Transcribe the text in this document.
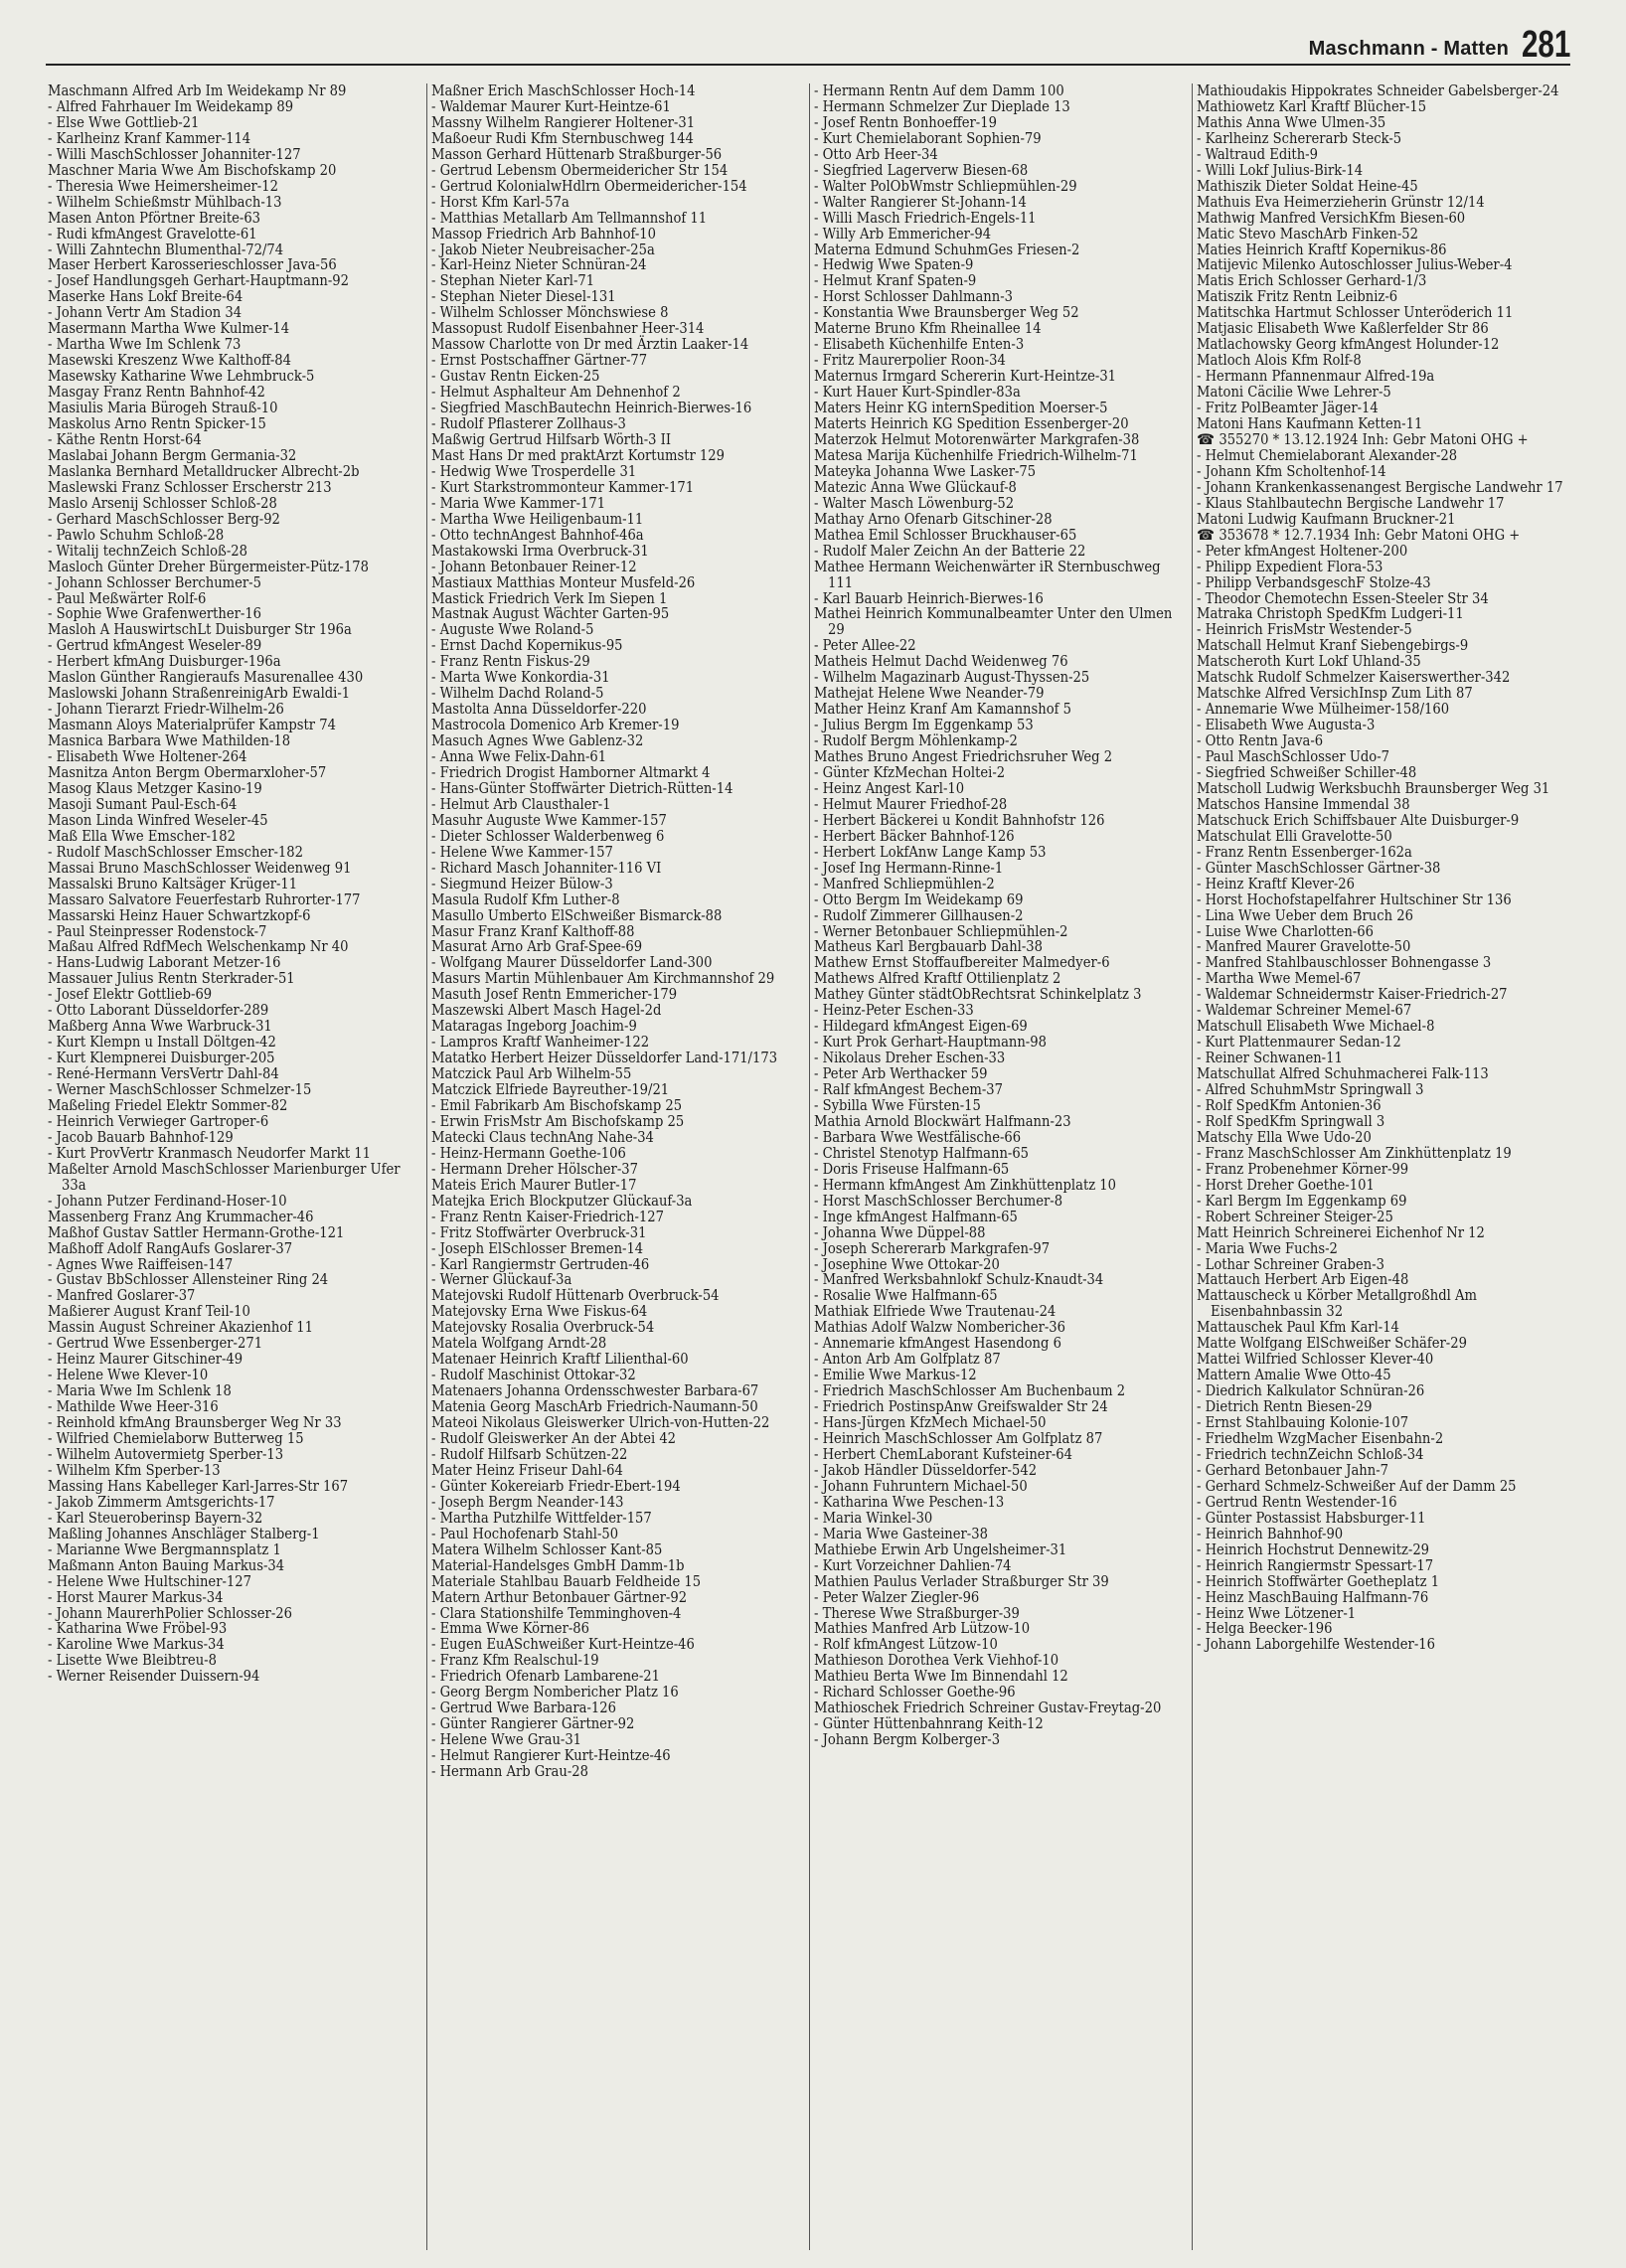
Maschmann - Matten 281
Maschmann Alfred Arb Im Weidekamp Nr 89
- Alfred Fahrhauer Im Weidekamp 89
- Else Wwe Gottlieb-21
- Karlheinz Kranf Kammer-114
- Willi MaschSchlosser Johanniter-127
Maschner Maria Wwe Am Bischofskamp 20
- Theresia Wwe Heimersheimer-12
- Wilhelm Schießmstr Mühlbach-13
Masen Anton Pförtner Breite-63
- Rudi kfmAngest Gravelotte-61
- Willi Zahntechn Blumenthal-72/74
Maser Herbert Karosserieschlosser Java-56
- Josef Handlungsgeh Gerhart-Hauptmann-92
Maserke Hans Lokf Breite-64
- Johann Vertr Am Stadion 34
Masermann Martha Wwe Kulmer-14
- Martha Wwe Im Schlenk 73
Masewski Kreszenz Wwe Kalthoff-84
Masewsky Katharine Wwe Lehmbruck-5
Masgay Franz Rentn Bahnhof-42
Masiulis Maria Bürogeh Strauß-10
Maskolus Arno Rentn Spicker-15
- Käthe Rentn Horst-64
Maslabai Johann Bergm Germania-32
Maslanka Bernhard Metalldrucker Albrecht-2b
Maslewski Franz Schlosser Erscherstr 213
Maslo Arsenij Schlosser Schloß-28
- Gerhard MaschSchlosser Berg-92
- Pawlo Schuhm Schloß-28
- Witalij technZeich Schloß-28
Masloch Günter Dreher Bürgermeister-Pütz-178
- Johann Schlosser Berchumer-5
- Paul Meßwärter Rolf-6
- Sophie Wwe Grafenwerther-16
Masloh A HauswirtschLt Duisburger Str 196a
- Gertrud kfmAngest Weseler-89
- Herbert kfmAng Duisburger-196a
Maslon Günther Rangieraufs Masurenallee 430
Maslowski Johann StraßenreinigArb Ewaldi-1
- Johann Tierarzt Friedr-Wilhelm-26
Masmann Aloys Materialprüfer Kampstr 74
Masnica Barbara Wwe Mathilden-18
- Elisabeth Wwe Holtener-264
Masnitza Anton Bergm Obermarxloher-57
Masog Klaus Metzger Kasino-19
Masoji Sumant Paul-Esch-64
Mason Linda Winfred Weseler-45
Maß Ella Wwe Emscher-182
- Rudolf MaschSchlosser Emscher-182
Massai Bruno MaschSchlosser Weidenweg 91
Massalski Bruno Kaltsäger Krüger-11
Massaro Salvatore Feuerfestarb Ruhrorter-177
Massarski Heinz Hauer Schwartzkopf-6
- Paul Steinpresser Rodenstock-7
Maßau Alfred RdfMech Welschenkamp Nr 40
- Hans-Ludwig Laborant Metzer-16
Massauer Julius Rentn Sterkrader-51
- Josef Elektr Gottlieb-69
- Otto Laborant Düsseldorfer-289
Maßberg Anna Wwe Warbruck-31
- Kurt Klempn u Install Döltgen-42
- Kurt Klempnerei Duisburger-205
- René-Hermann VersVertr Dahl-84
- Werner MaschSchlosser Schmelzer-15
Maßeling Friedel Elektr Sommer-82
- Heinrich Verwieger Gartroper-6
- Jacob Bauarb Bahnhof-129
- Kurt ProvVertr Kranmasch Neudorfer Markt 11
Maßelter Arnold MaschSchlosser Marienburger Ufer 33a
- Johann Putzer Ferdinand-Hoser-10
Massenberg Franz Ang Krummacher-46
Maßhof Gustav Sattler Hermann-Grothe-121
Maßhoff Adolf RangAufs Goslarer-37
- Agnes Wwe Raiffeisen-147
- Gustav BbSchlosser Allensteiner Ring 24
- Manfred Goslarer-37
Maßierer August Kranf Teil-10
Massin August Schreiner Akazienhof 11
- Gertrud Wwe Essenberger-271
- Heinz Maurer Gitschiner-49
- Helene Wwe Klever-10
- Maria Wwe Im Schlenk 18
- Mathilde Wwe Heer-316
- Reinhold kfmAng Braunsberger Weg Nr 33
- Wilfried Chemielaborw Butterweg 15
- Wilhelm Autovermietg Sperber-13
- Wilhelm Kfm Sperber-13
Massing Hans Kabelleger Karl-Jarres-Str 167
- Jakob Zimmerm Amtsgerichts-17
- Karl Steueroberinsp Bayern-32
Maßling Johannes Anschläger Stalberg-1
- Marianne Wwe Bergmannsplatz 1
Maßmann Anton Bauing Markus-34
- Helene Wwe Hultschiner-127
- Horst Maurer Markus-34
- Johann MaurerhPolier Schlosser-26
- Katharina Wwe Fröbel-93
- Karoline Wwe Markus-34
- Lisette Wwe Bleibtreu-8
- Werner Reisender Duissern-94
Maßner Erich MaschSchlosser Hoch-14
- Waldemar Maurer Kurt-Heintze-61
Massny Wilhelm Rangierer Holtener-31
Maßoeur Rudi Kfm Sternbuschweg 144
Masson Gerhard Hüttenarb Straßburger-56
- Gertrud Lebensm Obermeidericher Str 154
- Gertrud KolonialwHdlrn Obermeidericher-154
- Horst Kfm Karl-57a
- Matthias Metallarb Am Tellmannshof 11
Massop Friedrich Arb Bahnhof-10
- Jakob Nieter Neubreisacher-25a
- Karl-Heinz Nieter Schnüran-24
- Stephan Nieter Karl-71
- Stephan Nieter Diesel-131
- Wilhelm Schlosser Mönchswiese 8
Massopust Rudolf Eisenbahner Heer-314
Massow Charlotte von Dr med Ärztin Laaker-14
- Ernst Postschaffner Gärtner-77
- Gustav Rentn Eicken-25
- Helmut Asphalteur Am Dehnenhof 2
- Siegfried MaschBautechn Heinrich-Bierwes-16
- Rudolf Pflasterer Zollhaus-3
Maßwig Gertrud Hilfsarb Wörth-3 II
Mast Hans Dr med praktArzt Kortumstr 129
- Hedwig Wwe Trosperdelle 31
- Kurt Starkstrommonteur Kammer-171
- Maria Wwe Kammer-171
- Martha Wwe Heiligenbaum-11
- Otto technAngest Bahnhof-46a
Mastakowski Irma Overbruck-31
- Johann Betonbauer Reiner-12
Mastiaux Matthias Monteur Musfeld-26
Mastick Friedrich Verk Im Siepen 1
Mastnak August Wächter Garten-95
- Auguste Wwe Roland-5
- Ernst Dachd Kopernikus-95
- Franz Rentn Fiskus-29
- Marta Wwe Konkordia-31
- Wilhelm Dachd Roland-5
Mastolta Anna Düsseldorfer-220
Mastrocola Domenico Arb Kremer-19
Masuch Agnes Wwe Gablenz-32
- Anna Wwe Felix-Dahn-61
- Friedrich Drogist Hamborner Altmarkt 4
- Hans-Günter Stoffwärter Dietrich-Rütten-14
- Helmut Arb Clausthaler-1
Masuhr Auguste Wwe Kammer-157
- Dieter Schlosser Walderbenweg 6
- Helene Wwe Kammer-157
- Richard Masch Johanniter-116 VI
- Siegmund Heizer Bülow-3
Masula Rudolf Kfm Luther-8
Masullo Umberto ElSchweißer Bismarck-88
Masur Franz Kranf Kalthoff-88
Masurat Arno Arb Graf-Spee-69
- Wolfgang Maurer Düsseldorfer Land-300
Masurs Martin Mühlenbauer Am Kirchmannshof 29
Masuth Josef Rentn Emmericher-179
Maszewski Albert Masch Hagel-2d
Mataragas Ingeborg Joachim-9
- Lampros Kraftf Wanheimer-122
Matatko Herbert Heizer Düsseldorfer Land-171/173
Matczick Paul Arb Wilhelm-55
Matczick Elfriede Bayreuther-19/21
- Emil Fabrikarb Am Bischofskamp 25
- Erwin FrisMstr Am Bischofskamp 25
Matecki Claus technAng Nahe-34
- Heinz-Hermann Goethe-106
- Hermann Dreher Hölscher-37
Mateis Erich Maurer Butler-17
Matejka Erich Blockputzer Glückauf-3a
- Franz Rentn Kaiser-Friedrich-127
- Fritz Stoffwärter Overbruck-31
- Joseph ElSchlosser Bremen-14
- Karl Rangiermstr Gertruden-46
- Werner Glückauf-3a
Matejovski Rudolf Hüttenarb Overbruck-54
Matejovsky Erna Wwe Fiskus-64
Matejovsky Rosalia Overbruck-54
Matela Wolfgang Arndt-28
Matenaer Heinrich Kraftf Lilienthal-60
- Rudolf Maschinist Ottokar-32
Matenaers Johanna Ordensschwester Barbara-67
Matenia Georg MaschArb Friedrich-Naumann-50
Mateoi Nikolaus Gleiswerker Ulrich-von-Hutten-22
- Rudolf Gleiswerker An der Abtei 42
- Rudolf Hilfsarb Schützen-22
Mater Heinz Friseur Dahl-64
- Günter Kokereiarb Friedr-Ebert-194
- Joseph Bergm Neander-143
- Martha Putzhilfe Wittfelder-157
- Paul Hochofenarb Stahl-50
Matera Wilhelm Schlosser Kant-85
Material-Handelsges GmbH Damm-1b
Materiale Stahlbau Bauarb Feldheide 15
Matern Arthur Betonbauer Gärtner-92
- Clara Stationshilfe Temminghoven-4
- Emma Wwe Körner-86
- Eugen EuASchweißer Kurt-Heintze-46
- Franz Kfm Realschul-19
- Friedrich Ofenarb Lambarene-21
- Georg Bergm Nombericher Platz 16
- Gertrud Wwe Barbara-126
- Günter Rangierer Gärtner-92
- Helene Wwe Grau-31
- Helmut Rangierer Kurt-Heintze-46
- Hermann Arb Grau-28
- Hermann Rentn Auf dem Damm 100
- Hermann Schmelzer Zur Dieplade 13
- Josef Rentn Bonhoeffer-19
- Kurt Chemielaborant Sophien-79
- Otto Arb Heer-34
- Siegfried Lagerverw Biesen-68
- Walter PolObWmstr Schliepmühlen-29
- Walter Rangierer St-Johann-14
- Willi Masch Friedrich-Engels-11
- Willy Arb Emmericher-94
Materna Edmund SchuhmGes Friesen-2
- Hedwig Wwe Spaten-9
- Helmut Kranf Spaten-9
- Horst Schlosser Dahlmann-3
- Konstantia Wwe Braunsberger Weg 52
Materne Bruno Kfm Rheinallee 14
- Elisabeth Küchenhilfe Enten-3
- Fritz Maurerpolier Roon-34
Maternus Irmgard Schererin Kurt-Heintze-31
- Kurt Hauer Kurt-Spindler-83a
Maters Heinr KG internSpedition Moerser-5
Materts Heinrich KG Spedition Essenberger-20
Materzok Helmut Motorenwärter Markgrafen-38
Matesa Marija Küchenhilfe Friedrich-Wilhelm-71
Mateyka Johanna Wwe Lasker-75
Matezic Anna Wwe Glückauf-8
- Walter Masch Löwenburg-52
Mathay Arno Ofenarb Gitschiner-28
Mathea Emil Schlosser Bruckhauser-65
- Rudolf Maler Zeichn An der Batterie 22
Mathee Hermann Weichenwärter iR Sternbuschweg 111
- Karl Bauarb Heinrich-Bierwes-16
Mathei Heinrich Kommunalbeamter Unter den Ulmen 29
- Peter Allee-22
Matheis Helmut Dachd Weidenweg 76
- Wilhelm Magazinarb August-Thyssen-25
Mathejat Helene Wwe Neander-79
Mather Heinz Kranf Am Kamannshof 5
- Julius Bergm Im Eggenkamp 53
- Rudolf Bergm Möhlenkamp-2
Mathes Bruno Angest Friedrichsruher Weg 2
- Günter KfzMechan Holtei-2
- Heinz Angest Karl-10
- Helmut Maurer Friedhof-28
- Herbert Bäckerei u Kondit Bahnhofstr 126
- Herbert Bäcker Bahnhof-126
- Herbert LokfAnw Lange Kamp 53
- Josef Ing Hermann-Rinne-1
- Manfred Schliepmühlen-2
- Otto Bergm Im Weidekamp 69
- Rudolf Zimmerer Gillhausen-2
- Werner Betonbauer Schliepmühlen-2
Matheus Karl Bergbauarb Dahl-38
Mathew Ernst Stoffaufbereiter Malmedyer-6
Mathews Alfred Kraftf Ottilienplatz 2
Mathey Günter städtObRechtsrat Schinkelplatz 3
- Heinz-Peter Eschen-33
- Hildegard kfmAngest Eigen-69
- Kurt Prok Gerhart-Hauptmann-98
- Nikolaus Dreher Eschen-33
- Peter Arb Werthacker 59
- Ralf kfmAngest Bechem-37
- Sybilla Wwe Fürsten-15
Mathia Arnold Blockwärt Halfmann-23
- Barbara Wwe Westfälische-66
- Christel Stenotyp Halfmann-65
- Doris Friseuse Halfmann-65
- Hermann kfmAngest Am Zinkhüttenplatz 10
- Horst MaschSchlosser Berchumer-8
- Inge kfmAngest Halfmann-65
- Johanna Wwe Düppel-88
- Joseph Schererarb Markgrafen-97
- Josephine Wwe Ottokar-20
- Manfred Werksbahnlokf Schulz-Knaudt-34
- Rosalie Wwe Halfmann-65
Mathiak Elfriede Wwe Trautenau-24
Mathias Adolf Walzw Nombericher-36
- Annemarie kfmAngest Hasendong 6
- Anton Arb Am Golfplatz 87
- Emilie Wwe Markus-12
- Friedrich MaschSchlosser Am Buchenbaum 2
- Friedrich PostinspAnw Greifswalder Str 24
- Hans-Jürgen KfzMech Michael-50
- Heinrich MaschSchlosser Am Golfplatz 87
- Herbert ChemLaborant Kufsteiner-64
- Jakob Händler Düsseldorfer-542
- Johann Fuhruntern Michael-50
- Katharina Wwe Peschen-13
- Maria Winkel-30
- Maria Wwe Gasteiner-38
Mathiebe Erwin Arb Ungelsheimer-31
- Kurt Vorzeichner Dahlien-74
Mathien Paulus Verlader Straßburger Str 39
- Peter Walzer Ziegler-96
- Therese Wwe Straßburger-39
Mathies Manfred Arb Lützow-10
- Rolf kfmAngest Lützow-10
Mathieson Dorothea Verk Viehhof-10
Mathieu Berta Wwe Im Binnendahl 12
- Richard Schlosser Goethe-96
Mathioschek Friedrich Schreiner Gustav-Freytag-20
- Günter Hüttenbahnrang Keith-12
- Johann Bergm Kolberger-3
Mathioudakis Hippokrates Schneider Gabelsberger-24
Mathiowetz Karl Kraftf Blücher-15
Mathis Anna Wwe Ulmen-35
- Karlheinz Schererarb Steck-5
- Waltraud Edith-9
- Willi Lokf Julius-Birk-14
Mathiszik Dieter Soldat Heine-45
Mathuis Eva Heimerzieherin Grünstr 12/14
Mathwig Manfred VersichKfm Biesen-60
Matic Stevo MaschArb Finken-52
Maties Heinrich Kraftf Kopernikus-86
Matijevic Milenko Autoschlosser Julius-Weber-4
Matis Erich Schlosser Gerhard-1/3
Matiszik Fritz Rentn Leibniz-6
Matitschka Hartmut Schlosser Unteröderich 11
Matjasic Elisabeth Wwe Kaßlerfelder Str 86
Matlachowsky Georg kfmAngest Holunder-12
Matloch Alois Kfm Rolf-8
- Hermann Pfannenmaur Alfred-19a
Matoni Cäcilie Wwe Lehrer-5
- Fritz PolBeamter Jäger-14
Matoni Hans Kaufmann Ketten-11
☎ 355270 * 13.12.1924 Inh: Gebr Matoni OHG +
- Helmut Chemielaborant Alexander-28
- Johann Kfm Scholtenhof-14
- Johann Krankenkassenangest Bergische Landwehr 17
- Klaus Stahlbautechn Bergische Landwehr 17
Matoni Ludwig Kaufmann Bruckner-21
☎ 353678 * 12.7.1934 Inh: Gebr Matoni OHG +
- Peter kfmAngest Holtener-200
- Philipp Expedient Flora-53
- Philipp VerbandsgeschF Stolze-43
- Theodor Chemotechn Essen-Steeler Str 34
Matraka Christoph SpedKfm Ludgeri-11
- Heinrich FrisMstr Westender-5
Matschall Helmut Kranf Siebengebirgs-9
Matscheroth Kurt Lokf Uhland-35
Matschk Rudolf Schmelzer Kaiserswerther-342
Matschke Alfred VersichInsp Zum Lith 87
- Annemarie Wwe Mülheimer-158/160
- Elisabeth Wwe Augusta-3
- Otto Rentn Java-6
- Paul MaschSchlosser Udo-7
- Siegfried Schweißer Schiller-48
Matscholl Ludwig Werksbuchh Braunsberger Weg 31
Matschos Hansine Immendal 38
Matschuck Erich Schiffsbauer Alte Duisburger-9
Matschulat Elli Gravelotte-50
- Franz Rentn Essenberger-162a
- Günter MaschSchlosser Gärtner-38
- Heinz Kraftf Klever-26
- Horst Hochofstapelfahrer Hultschiner Str 136
- Lina Wwe Ueber dem Bruch 26
- Luise Wwe Charlotten-66
- Manfred Maurer Gravelotte-50
- Manfred Stahlbauschlosser Bohnengasse 3
- Martha Wwe Memel-67
- Waldemar Schneidermstr Kaiser-Friedrich-27
- Waldemar Schreiner Memel-67
Matschull Elisabeth Wwe Michael-8
- Kurt Plattenmaurer Sedan-12
- Reiner Schwanen-11
Matschullat Alfred Schuhmacherei Falk-113
- Alfred SchuhmMstr Springwall 3
- Rolf SpedKfm Antonien-36
- Rolf SpedKfm Springwall 3
Matschy Ella Wwe Udo-20
- Franz MaschSchlosser Am Zinkhüttenplatz 19
- Franz Probenehmer Körner-99
- Horst Dreher Goethe-101
- Karl Bergm Im Eggenkamp 69
- Robert Schreiner Steiger-25
Matt Heinrich Schreinerei Eichenhof Nr 12
- Maria Wwe Fuchs-2
- Lothar Schreiner Graben-3
Mattauch Herbert Arb Eigen-48
Mattauscheck u Körber Metallgroßhdl Am Eisenbahnbassin 32
Mattauschek Paul Kfm Karl-14
Matte Wolfgang ElSchweißer Schäfer-29
Mattei Wilfried Schlosser Klever-40
Mattern Amalie Wwe Otto-45
- Diedrich Kalkulator Schnüran-26
- Dietrich Rentn Biesen-29
- Ernst Stahlbauing Kolonie-107
- Friedhelm WzgMacher Eisenbahn-2
- Friedrich technZeichn Schloß-34
- Gerhard Betonbauer Jahn-7
- Gerhard Schmelz-Schweißer Auf der Damm 25
- Gertrud Rentn Westender-16
- Günter Postassist Habsburger-11
- Heinrich Bahnhof-90
- Heinrich Hochstrut Dennewitz-29
- Heinrich Rangiermstr Spessart-17
- Heinrich Stoffwärter Goetheplatz 1
- Heinz MaschBauing Halfmann-76
- Heinz Wwe Lötzener-1
- Helga Beecker-196
- Johann Laborgehilfe Westender-16
